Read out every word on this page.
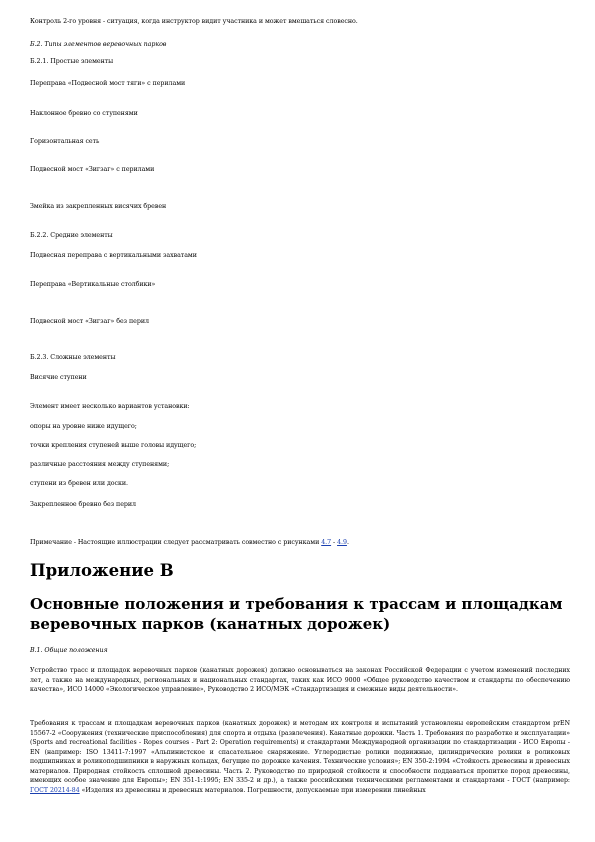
Контроль 2-го уровня - ситуация, когда инструктор видит участника и может вмешаться словесно.
Б.2. Типы элементов веревочных парков
Б.2.1. Простые элементы
Переправа «Подвесной мост тяги» с перилами
Наклонное бревно со ступенями
Горизонтальная сеть
Подвесной мост «Зигзаг» с перилами
Змейка из закрепленных висячих бревен
Б.2.2. Средние элементы
Подвесная переправа с вертикальными захватами
Переправа «Вертикальные столбики»
Подвесной мост «Зигзаг» без перил
Б.2.3. Сложные элементы
Висячие ступени
Элемент имеет несколько вариантов установки:
опоры на уровне ниже идущего;
точки крепления ступеней выше головы идущего;
различные расстояния между ступенями;
ступени из бревен или доски.
Закрепленное бревно без перил
Примечание - Настоящие иллюстрации следует рассматривать совместно с рисунками 4.7 - 4.9.
Приложение В
Основные положения и требования к трассам и площадкам
веревочных парков (канатных дорожек)
В.1. Общие положения
Устройство трасс и площадок веревочных парков (канатных дорожек) должно основываться на законах Российской Федерации с учетом изменений последних лет, а также на международных, региональных и национальных стандартах, таких как ИСО 9000 «Общее руководство качеством и стандарты по обеспечению качества», ИСО 14000 «Экологическое управление», Руководство 2 ИСО/МЭК «Стандартизация и смежные виды деятельности».
Требования к трассам и площадкам веревочных парков (канатных дорожек) и методам их контроля и испытаний установлены европейским стандартом prEN 15567-2 «Сооружения (технические приспособления) для спорта и отдыха (развлечения). Канатные дорожки. Часть 1. Требования по разработке и эксплуатации» (Sports and recreational facilities - Ropes courses - Part 2: Operation requirements) и стандартами Международной организации по стандартизации - ИСО Европы - EN (например: ISO 13411-7:1997 «Альпинистское и спасательное снаряжение. Углеродистые ролики подвижные, цилиндрические ролики в роликовых подшипниках и роликоподшипники в наружных кольцах, бегущие по дорожке качения. Технические условия»; EN 350-2:1994 «Стойкость древесины и древесных материалов. Природная стойкость сплошной древесины. Часть 2. Руководство по природной стойкости и способности поддаваться пропитке пород древесины, имеющих особое значение для Европы»; EN 351-1:1995; EN 335-2 и др.), а также российскими техническими регламентами и стандартами - ГОСТ (например: ГОСТ 20214-84 «Изделия из древесины и древесных материалов. Погрешности, допускаемые при измерении линейных
